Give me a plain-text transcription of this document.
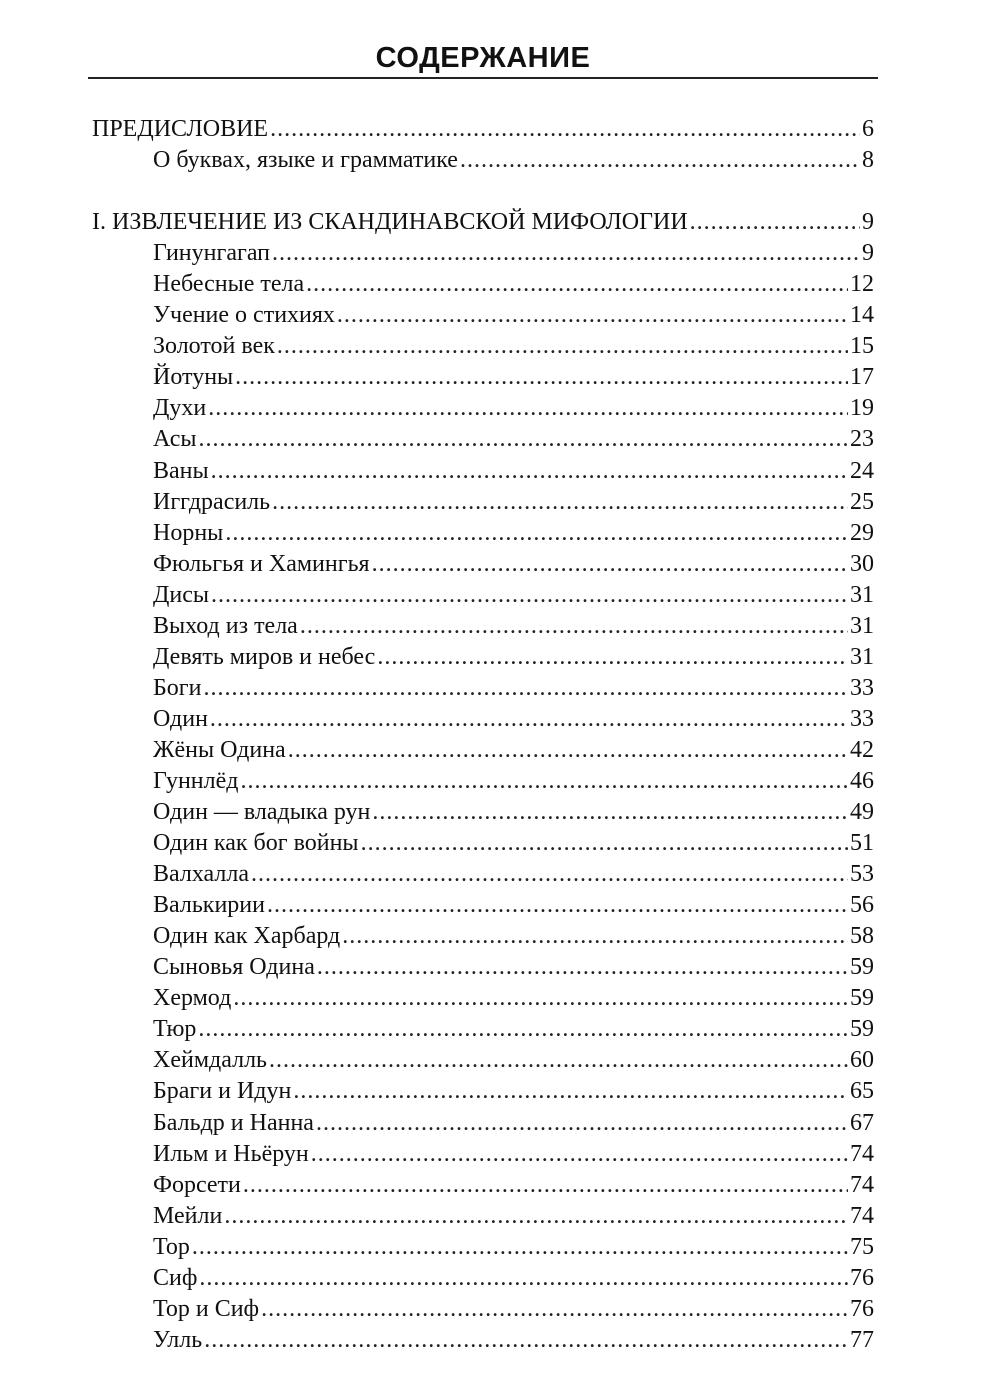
СОДЕРЖАНИЕ
ПРЕДИСЛОВИЕ .....	6
О буквах, языке и грамматике .....	8
I. ИЗВЛЕЧЕНИЕ ИЗ СКАНДИНАВСКОЙ МИФОЛОГИИ .....	9
Гинунгагап .....	9
Небесные тела .....	12
Учение о стихиях .....	14
Золотой век .....	15
Йотуны .....	17
Духи .....	19
Асы .....	23
Ваны .....	24
Иггдрасиль .....	25
Норны .....	29
Фюльгья и Хамингья .....	30
Дисы .....	31
Выход из тела .....	31
Девять миров и небес .....	31
Боги .....	33
Один .....	33
Жёны Одина .....	42
Гуннлёд .....	46
Один — владыка рун .....	49
Один как бог войны .....	51
Валхалла .....	53
Валькирии .....	56
Один как Харбард .....	58
Сыновья Одина .....	59
Хермод .....	59
Тюр .....	59
Хеймдалль .....	60
Браги и Идун .....	65
Бальдр и Нанна .....	67
Ильм и Ньёрун .....	74
Форсети .....	74
Мейли .....	74
Тор .....	75
Сиф .....	76
Тор и Сиф .....	76
Улль .....	77
